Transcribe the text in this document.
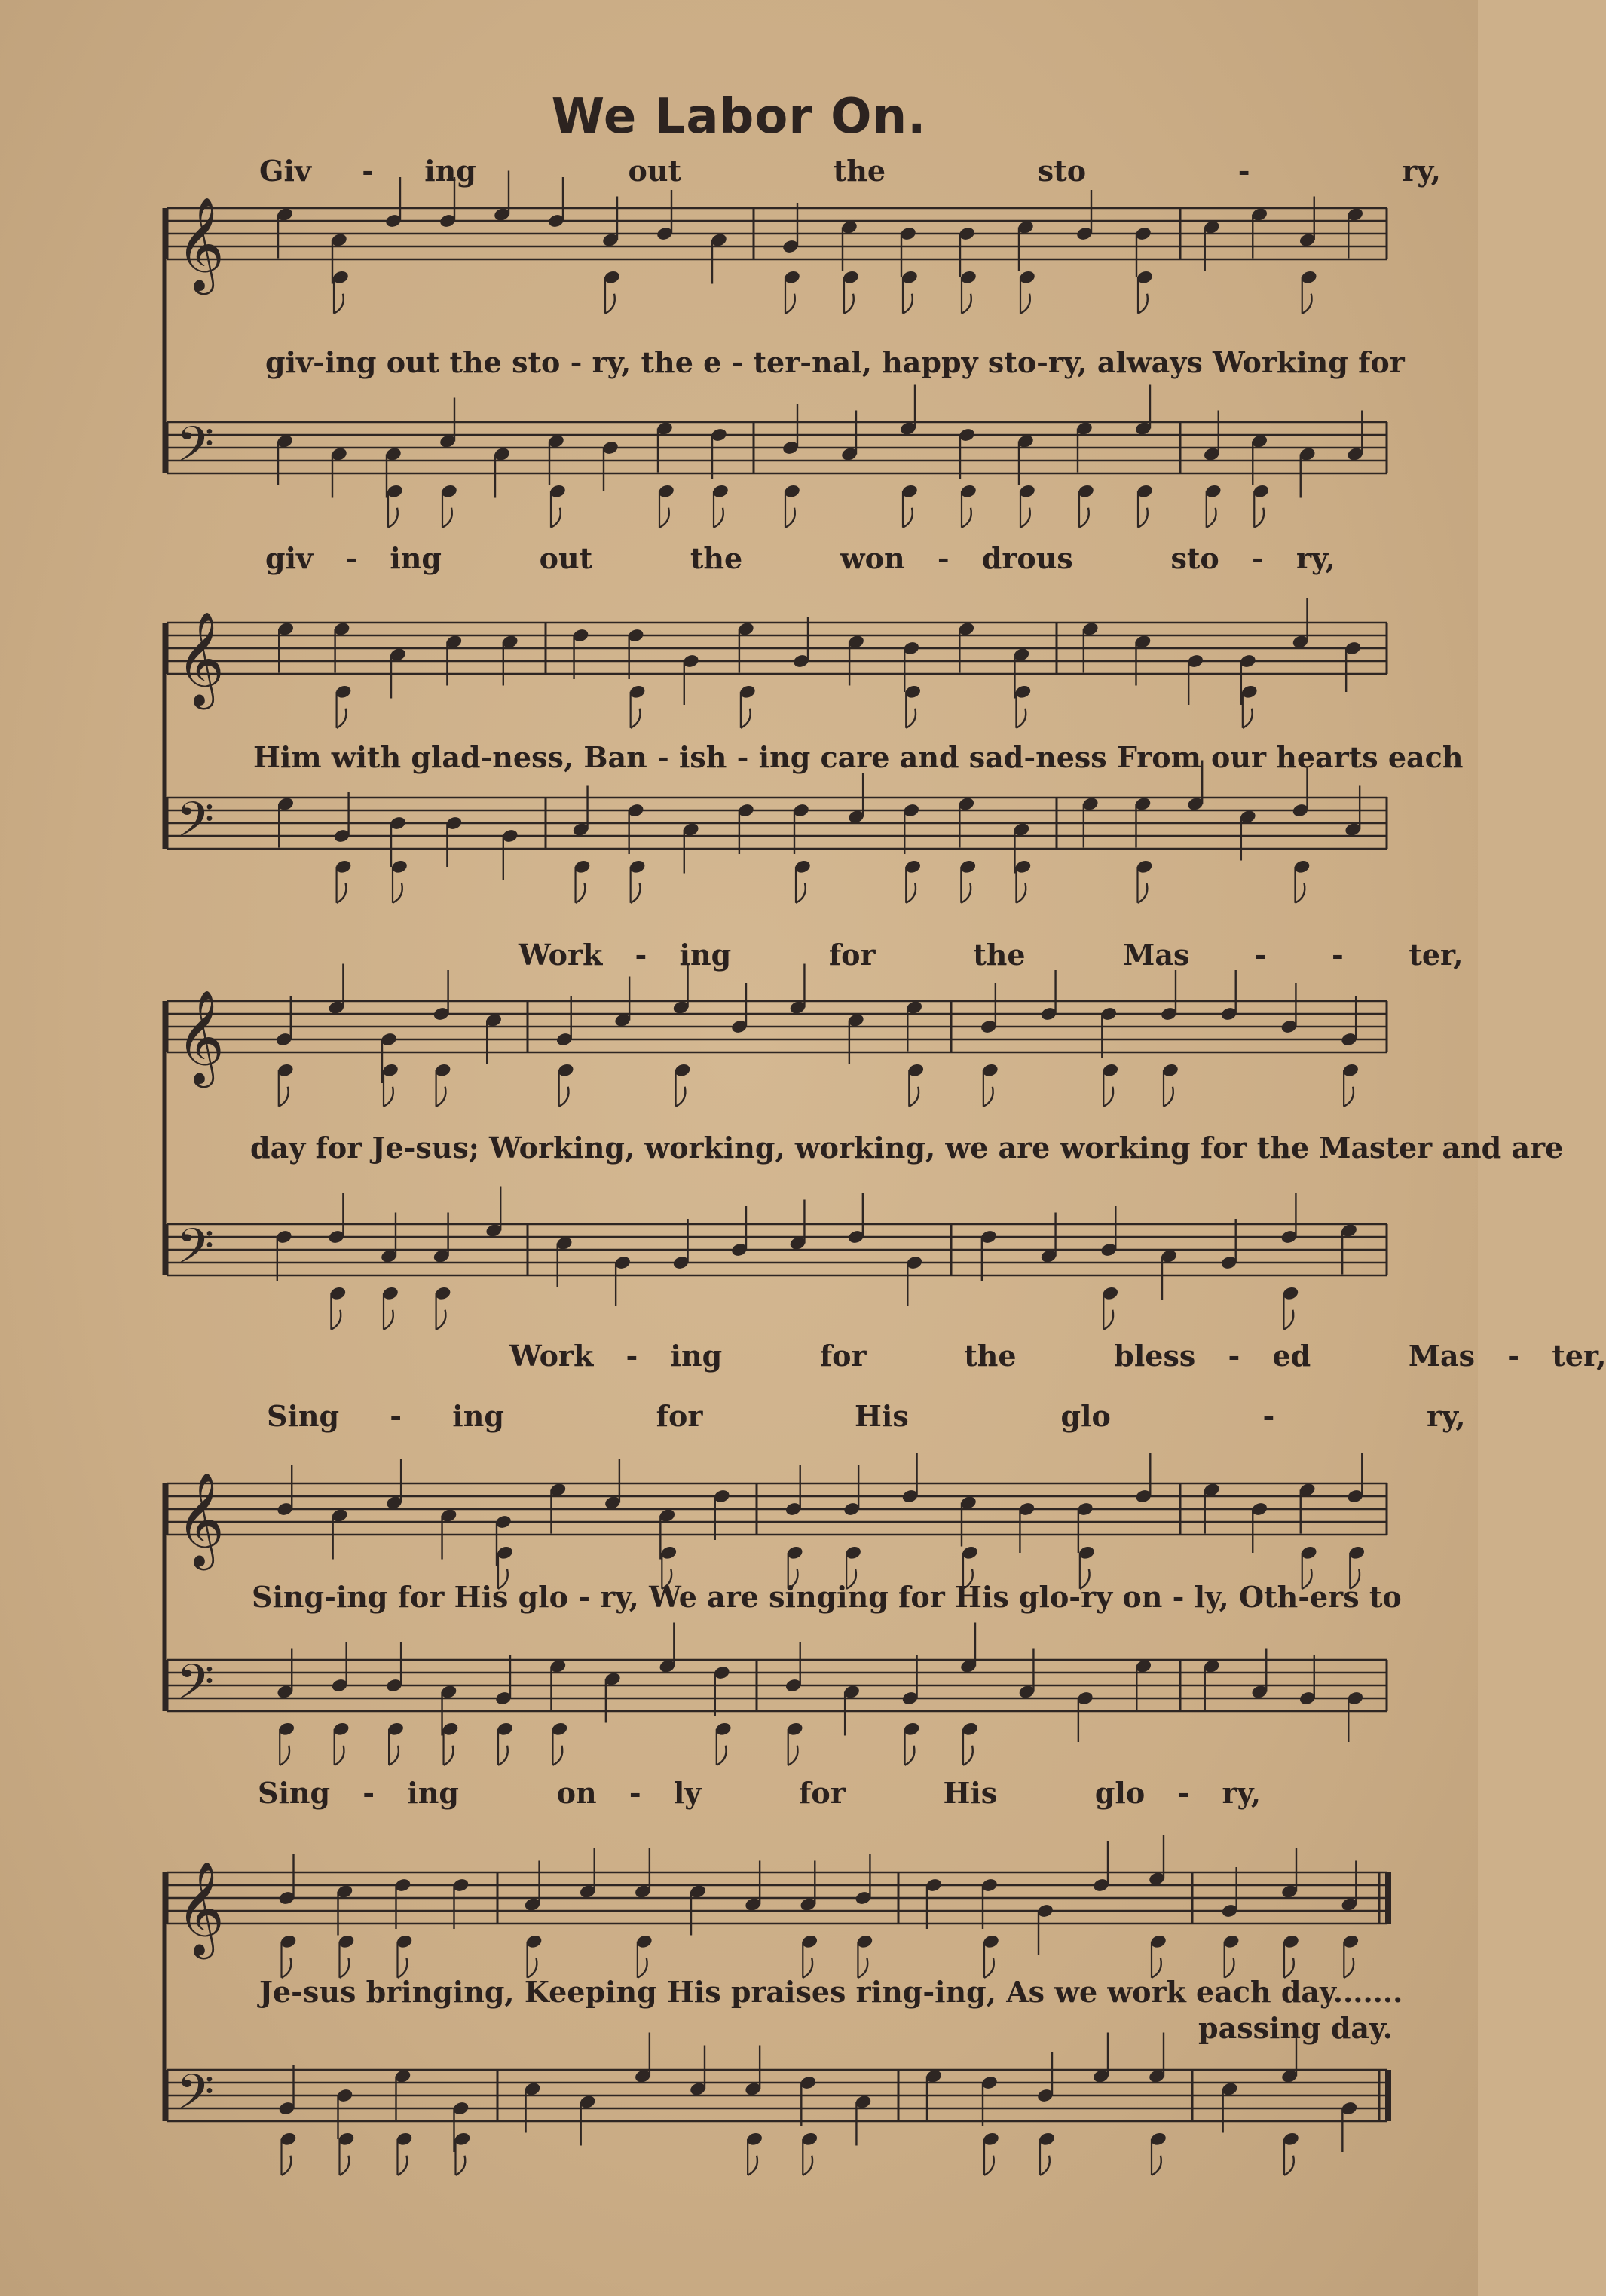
We Labor On.
Giv - ing   out   the   sto   -   ry,
giv-ing out the sto - ry, the e - ter-nal, happy sto-ry, always Working for
giv - ing   out   the   won - drous   sto - ry,
Him with glad-ness, Ban - ish - ing care and sad-ness From our hearts each
Work - ing   for   the   Mas  -  -  ter,
day for Je-sus; Working, working, working, we are working for the Master and are
Work - ing   for   the   bless - ed   Mas - ter,
Sing - ing   for   His   glo   -   ry,
Sing-ing for His glo - ry, We are singing for His glo-ry on - ly, Oth-ers to
Sing - ing   on - ly   for   His   glo - ry,
Je-sus bringing, Keeping His praises ring-ing, As we work each day.......
passing day.
𝄞
𝄢
𝄞
𝄢
𝄞
𝄢
𝄞
𝄢
𝄞
𝄢
